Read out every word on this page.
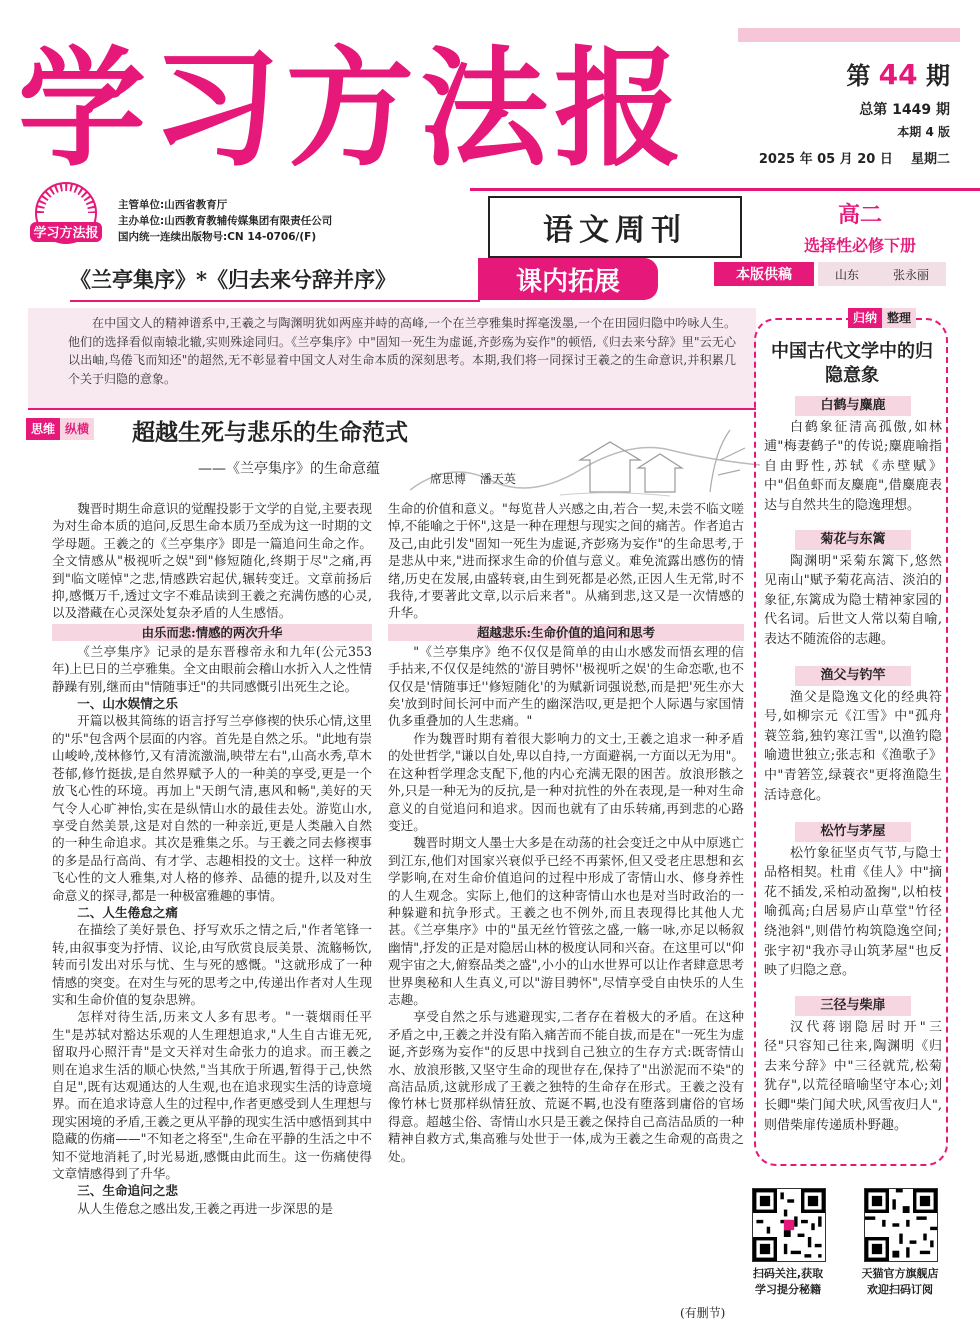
学习方法报	第 44 期
总第 1449 期
本期 4 版
2025 年 05 月 20 日    星期二
学习方法报
主管单位:山西省教育厅
主办单位:山西教育教辅传媒集团有限责任公司
国内统一连续出版物号:CN 14-0706/(F)	语文周刊	高二
选择性必修下册
《兰亭集序》*《归去来兮辞并序》	课内拓展	本版供稿	山东	张永丽

在中国文人的精神谱系中,王羲之与陶渊明犹如两座并峙的高峰,一个在兰亭雅集时挥毫泼墨,一个在田园归隐中吟咏人生。他们的选择看似南辕北辙,实则殊途同归。《兰亭集序》中"固知一死生为虚诞,齐彭殇为妄作"的顿悟,《归去来兮辞》里"云无心以出岫,鸟倦飞而知还"的超然,无不彰显着中国文人对生命本质的深刻思考。本期,我们将一同探讨王羲之的生命意识,并积累几个关于归隐的意象。

思维 纵横 超越生死与悲乐的生命范式
——《兰亭集序》的生命意蕴
席思博 潘天英

魏晋时期生命意识的觉醒投影于文学的自觉,主要表现为对生命本质的追问,反思生命本质乃至成为这一时期的文学母题。王羲之的《兰亭集序》即是一篇追问生命之作。全文情感从"极视听之娱"到"修短随化,终期于尽"之痛,再到"临文嗟悼"之悲,情感跌宕起伏,辗转变迁。文章前扬后抑,感慨万千,透过文字不难品读到王羲之充满伤感的心灵,以及潜藏在心灵深处复杂矛盾的人生感悟。

由乐而悲:情感的两次升华

《兰亭集序》记录的是东晋穆帝永和九年(公元353年)上巳日的兰亭雅集。全文由眼前会稽山水折入人之性情静躁有别,继而由"情随事迁"的共同感慨引出死生之论。

一、山水娱情之乐

开篇以极其简练的语言抒写兰亭修禊的快乐心情,这里的"乐"包含两个层面的内容。首先是自然之乐。"此地有崇山峻岭,茂林修竹,又有清流激湍,映带左右",山高水秀,草木苍郁,修竹挺拔,是自然界赋予人的一种美的享受,更是一个放飞心性的环境。再加上"天朗气清,惠风和畅",美好的天气令人心旷神怡,实在是纵情山水的最佳去处。游览山水,享受自然美景,这是对自然的一种亲近,更是人类融入自然的一种生命追求。其次是雅集之乐。与王羲之同去修禊事的多是品行高尚、有才学、志趣相投的文士。这样一种放飞心性的文人雅集,对人格的修养、品德的提升,以及对生命意义的探寻,都是一种极富雅趣的事情。

二、人生倦怠之痛

在描绘了美好景色、抒写欢乐之情之后,"作者笔锋一转,由叙事变为抒情、议论,由写欣赏良辰美景、流觞畅饮,转而引发出对乐与忧、生与死的感慨。"这就形成了一种情感的突变。在对生与死的思考之中,传递出作者对人生现实和生命价值的复杂思辨。

怎样对待生活,历来文人多有思考。"一蓑烟雨任平生"是苏轼对豁达乐观的人生理想追求,"人生自古谁无死,留取丹心照汗青"是文天祥对生命张力的追求。而王羲之则在追求生活的顺心快然,"当其欣于所遇,暂得于己,快然自足",既有达观通达的人生观,也在追求现实生活的诗意境界。而在追求诗意人生的过程中,作者更感受到人生理想与现实困境的矛盾,王羲之更从平静的现实生活中感悟到其中隐藏的伤痛——"不知老之将至",生命在平静的生活之中不知不觉地消耗了,时光易逝,感慨由此而生。这一伤痛使得文章情感得到了升华。

三、生命追问之悲

从人生倦怠之感出发,王羲之再进一步深思的是

生命的价值和意义。"每览昔人兴感之由,若合一契,未尝不临文嗟悼,不能喻之于怀",这是一种在理想与现实之间的痛苦。作者追古及己,由此引发"固知一死生为虚诞,齐彭殇为妄作"的生命思考,于是悲从中来,"进而探求生命的价值与意义。难免流露出感伤的情绪,历史在发展,由盛转衰,由生到死都是必然,正因人生无常,时不我待,才要著此文章,以示后来者"。从痛到悲,这又是一次情感的升华。

超越悲乐:生命价值的追问和思考

"《兰亭集序》绝不仅仅是简单的由山水感发而悟玄理的信手拈来,不仅仅是纯然的'游目骋怀''极视听之娱'的生命恋歌,也不仅仅是'情随事迁''修短随化'的为赋新词强说愁,而是把'死生亦大矣'放到时间长河中而产生的幽深浩叹,更是把个人际遇与家国情仇多重叠加的人生悲痛。"

作为魏晋时期有着很大影响力的文士,王羲之追求一种矛盾的处世哲学,"谦以自处,卑以自持,一方面避祸,一方面以无为用"。在这种哲学理念支配下,他的内心充满无限的困苦。放浪形骸之外,只是一种无为的反抗,是一种对抗性的外在表现,是一种对生命意义的自觉追问和追求。因而也就有了由乐转痛,再到悲的心路变迁。

魏晋时期文人墨士大多是在动荡的社会变迁之中从中原逃亡到江东,他们对国家兴衰似乎已经不再萦怀,但又受老庄思想和玄学影响,在对生命价值追问的过程中形成了寄情山水、修身养性的人生观念。实际上,他们的这种寄情山水也是对当时政治的一种躲避和抗争形式。王羲之也不例外,而且表现得比其他人尤甚。《兰亭集序》中的"虽无丝竹管弦之盛,一觞一咏,亦足以畅叙幽情",抒发的正是对隐居山林的极度认同和兴奋。在这里可以"仰观宇宙之大,俯察品类之盛",小小的山水世界可以让作者肆意思考世界奥秘和人生真义,可以"游目骋怀",尽情享受自由快乐的人生志趣。

享受自然之乐与逃避现实,二者存在着极大的矛盾。在这种矛盾之中,王羲之并没有陷入痛苦而不能自拔,而是在"一死生为虚诞,齐彭殇为妄作"的反思中找到自己独立的生存方式:既寄情山水、放浪形骸,又坚守生命的现世存在,保持了"出淤泥而不染"的高洁品质,这就形成了王羲之独特的生命存在形式。王羲之没有像竹林七贤那样纵情狂放、荒诞不羁,也没有堕落到庸俗的官场得意。超越尘俗、寄情山水只是王羲之保持自己高洁品质的一种精神自救方式,集高雅与处世于一体,成为王羲之生命观的高贵之处。

(有删节)
归纳 整理
中国古代文学中的归隐意象
白鹤与麋鹿

白鹤象征清高孤傲,如林逋"梅妻鹤子"的传说;麋鹿喻指自由野性,苏轼《赤壁赋》中"侣鱼虾而友麋鹿",借麋鹿表达与自然共生的隐逸理想。

菊花与东篱

陶渊明"采菊东篱下,悠然见南山"赋予菊花高洁、淡泊的象征,东篱成为隐士精神家园的代名词。后世文人常以菊自喻,表达不随流俗的志趣。

渔父与钓竿

渔父是隐逸文化的经典符号,如柳宗元《江雪》中"孤舟蓑笠翁,独钓寒江雪",以渔钓隐喻遗世独立;张志和《渔歌子》中"青箬笠,绿蓑衣"更将渔隐生活诗意化。

松竹与茅屋

松竹象征坚贞气节,与隐士品格相契。杜甫《佳人》中"摘花不插发,采柏动盈掬",以柏枝喻孤高;白居易庐山草堂"竹径绕池斜",则借竹构筑隐逸空间;张宇初"我亦寻山筑茅屋"也反映了归隐之意。

三径与柴扉

汉代蒋诩隐居时开"三径"只容知己往来,陶渊明《归去来兮辞》中"三径就荒,松菊犹存",以荒径暗喻坚守本心;刘长卿"柴门闻犬吠,风雪夜归人",则借柴扉传递质朴野趣。

扫码关注,获取
学习提分秘籍
天猫官方旗舰店
欢迎扫码订阅
